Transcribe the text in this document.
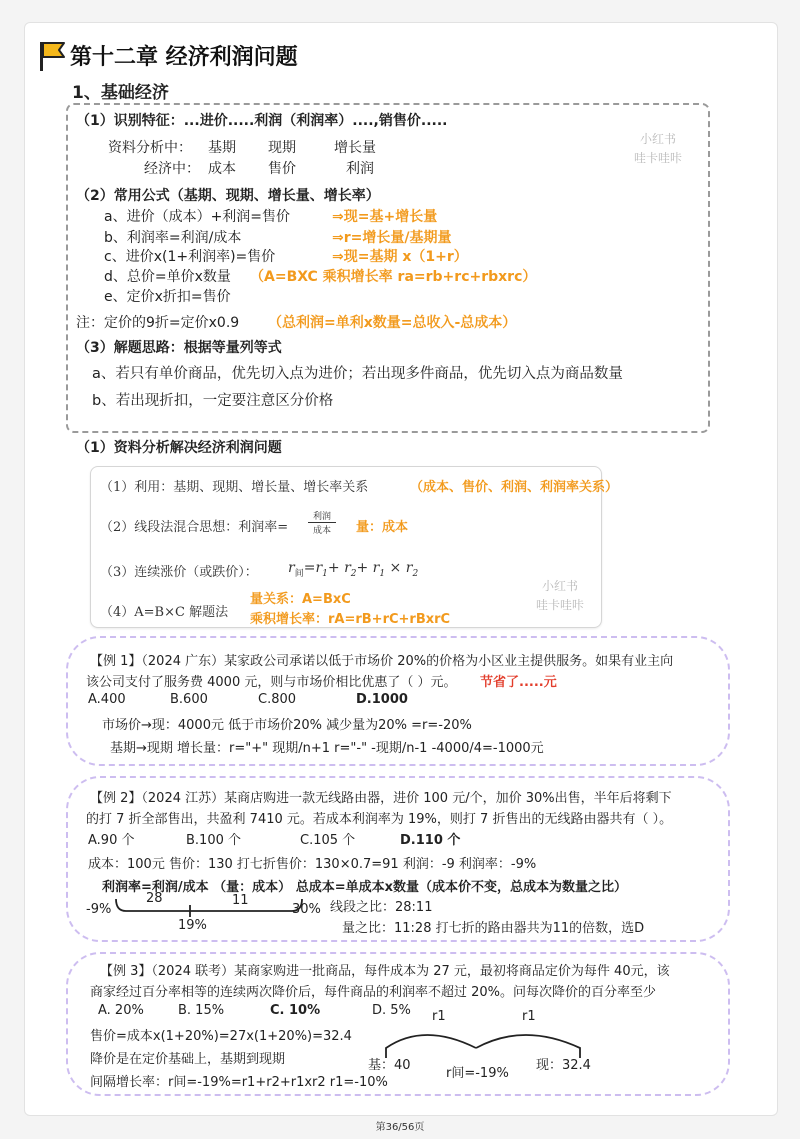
第十二章 经济利润问题
1、基础经济
（1）识别特征：...进价.....利润（利润率）....,销售价.....
资料分析中： 基期 现期	增长量
经济中： 成本 售价	利润
小红书
哇卡哇咔
（2）常用公式（基期、现期、增长量、增长率）
a、进价（成本）+利润=售价	⇒现=基+增长量
b、利润率=利润/成本	⇒r=增长量/基期量
c、进价x(1+利润率)=售价	⇒现=基期 x（1+r）
d、总价=单价x数量 （A=BXC 乘积增长率 ra=rb+rc+rbxrc）
e、定价x折扣=售价
注：定价的9折=定价x0.9 （总利润=单利x数量=总收入-总成本）
（3）解题思路：根据等量列等式
a、若只有单价商品，优先切入点为进价；若出现多件商品，优先切入点为商品数量
b、若出现折扣，一定要注意区分价格
（1）资料分析解决经济利润问题
（1）利用：基期、现期、增长量、增长率关系	（成本、售价、利润、利润率关系）
（2）线段法混合思想：利润率=
利润
成本	量：成本
（3）连续涨价（或跌价）： $r_间=r_1+ r_2+ r_1 \times r_2$
（4）A=B×C 解题法
量关系：A=BxC
乘积增长率：rA=rB+rC+rBxrC
小红书
哇卡哇咔
【例 1】（2024 广东）某家政公司承诺以低于市场价 20%的价格为小区业主提供服务。如果有业主向
该公司支付了服务费 4000 元，则与市场价相比优惠了（ ）元。 节省了.....元
A.400	B.600	C.800	D.1000
市场价→现：4000元 低于市场价20% 减少量为20% =r=-20%
基期→现期 增长量：r="+" 现期/n+1 r="-" -现期/n-1 -4000/4=-1000元
【例 2】（2024 江苏）某商店购进一款无线路由器，进价 100 元/个，加价 30%出售，半年后将剩下
的打 7 折全部售出，共盈利 7410 元。若成本利润率为 19%，则打 7 折售出的无线路由器共有（ ）。
A.90 个	B.100 个	C.105 个	D.110 个
成本：100元 售价：130 打七折售价：130×0.7=91 利润：-9 利润率：-9%
利润率=利润/成本 （量：成本） 总成本=单成本x数量（成本价不变，总成本为数量之比）
-9%	30%
28	11
19%
线段之比：28:11
量之比：11:28 打七折的路由器共为11的倍数，选D
【例 3】（2024 联考）某商家购进一批商品，每件成本为 27 元，最初将商品定价为每件 40元，该
商家经过百分率相等的连续两次降价后，每件商品的利润率不超过 20%。问每次降价的百分率至少
A. 20%	B. 15%	C. 10%	D. 5%
售价=成本x(1+20%)=27x(1+20%)=32.4
降价是在定价基础上，基期到现期
间隔增长率：r间=-19%=r1+r2+r1xr2 r1=-10%
r1	r1
基：40
r间=-19%
现：32.4
第36/56页
